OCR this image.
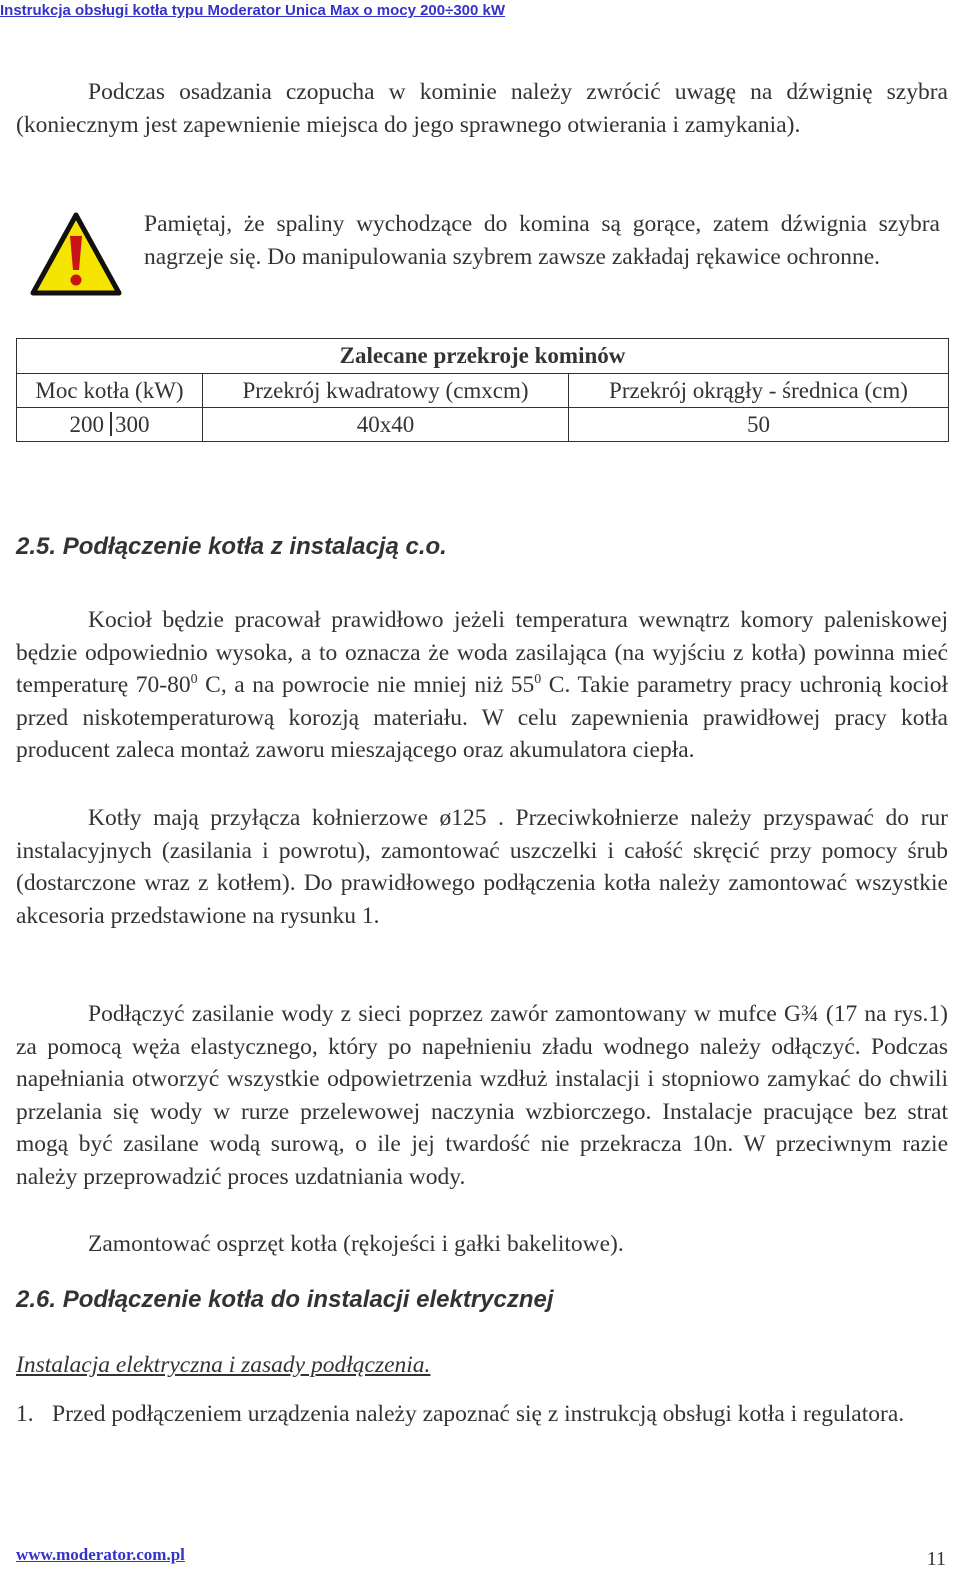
Instrukcja obsługi kotła typu Moderator Unica Max o mocy 200÷300 kW
Podczas osadzania czopucha w kominie należy zwrócić uwagę na dźwignię szybra (koniecznym jest zapewnienie miejsca do jego sprawnego otwierania i zamykania).
Pamiętaj, że spaliny wychodzące do komina są gorące, zatem dźwignia szybra nagrzeje się. Do manipulowania szybrem zawsze zakładaj rękawice ochronne.
Zalecane przekroje kominów		
Moc kotła (kW)	Przekrój kwadratowy (cmxcm)	Przekrój okrągły - średnica (cm)
200 300	40x40	50
2.5. Podłączenie kotła z instalacją c.o.
Kocioł będzie pracował prawidłowo jeżeli temperatura wewnątrz komory paleniskowej będzie odpowiednio wysoka, a to oznacza że woda zasilająca (na wyjściu z kotła) powinna mieć temperaturę $70-80^0$ C, a na powrocie nie mniej niż $55^0$ C. Takie parametry pracy uchronią kocioł przed niskotemperaturową korozją materiału. W celu zapewnienia prawidłowej pracy kotła producent zaleca montaż zaworu mieszającego oraz akumulatora ciepła.
Kotły mają przyłącza kołnierzowe ø125 . Przeciwkołnierze należy przyspawać do rur instalacyjnych (zasilania i powrotu), zamontować uszczelki i całość skręcić przy pomocy śrub (dostarczone wraz z kotłem). Do prawidłowego podłączenia kotła należy zamontować wszystkie akcesoria przedstawione na rysunku 1.
Podłączyć zasilanie wody z sieci poprzez zawór zamontowany w mufce G¾ (17 na rys.1) za pomocą węża elastycznego, który po napełnieniu zładu wodnego należy odłączyć. Podczas napełniania otworzyć wszystkie odpowietrzenia wzdłuż instalacji i stopniowo zamykać do chwili przelania się wody w rurze przelewowej naczynia wzbiorczego. Instalacje pracujące bez strat mogą być zasilane wodą surową, o ile jej twardość nie przekracza 10n. W przeciwnym razie należy przeprowadzić proces uzdatniania wody.
Zamontować osprzęt kotła (rękojeści i gałki bakelitowe).
2.6. Podłączenie kotła do instalacji elektrycznej
Instalacja elektryczna i zasady podłączenia.
1. Przed podłączeniem urządzenia należy zapoznać się z instrukcją obsługi kotła i regulatora.
www.moderator.com.pl	11
